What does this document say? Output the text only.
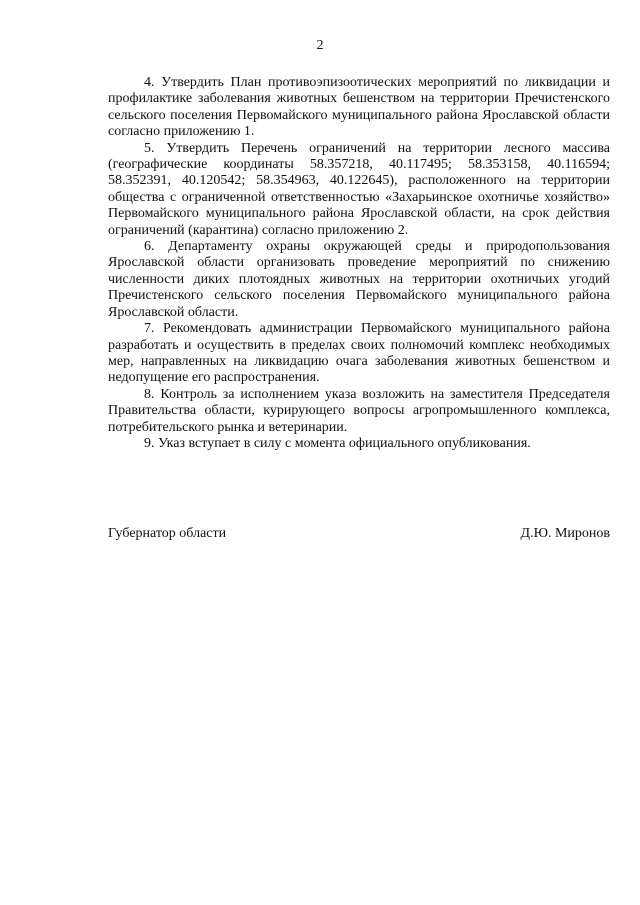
2

4. Утвердить План противоэпизоотических мероприятий по ликвидации и профилактике заболевания животных бешенством на территории Пречистенского сельского поселения Первомайского муниципального района Ярославской области согласно приложению 1.

5. Утвердить Перечень ограничений на территории лесного массива (географические координаты 58.357218, 40.117495; 58.353158, 40.116594; 58.352391, 40.120542; 58.354963, 40.122645), расположенного на территории общества с ограниченной ответственностью «Захарьинское охотничье хозяйство» Первомайского муниципального района Ярославской области, на срок действия ограничений (карантина) согласно приложению 2.

6. Департаменту охраны окружающей среды и природопользования Ярославской области организовать проведение мероприятий по снижению численности диких плотоядных животных на территории охотничьих угодий Пречистенского сельского поселения Первомайского муниципального района Ярославской области.

7. Рекомендовать администрации Первомайского муниципального района разработать и осуществить в пределах своих полномочий комплекс необходимых мер, направленных на ликвидацию очага заболевания животных бешенством и недопущение его распространения.

8. Контроль за исполнением указа возложить на заместителя Председателя Правительства области, курирующего вопросы агропромышленного комплекса, потребительского рынка и ветеринарии.

9. Указ вступает в силу с момента официального опубликования.

Губернатор области	Д.Ю. Миронов
